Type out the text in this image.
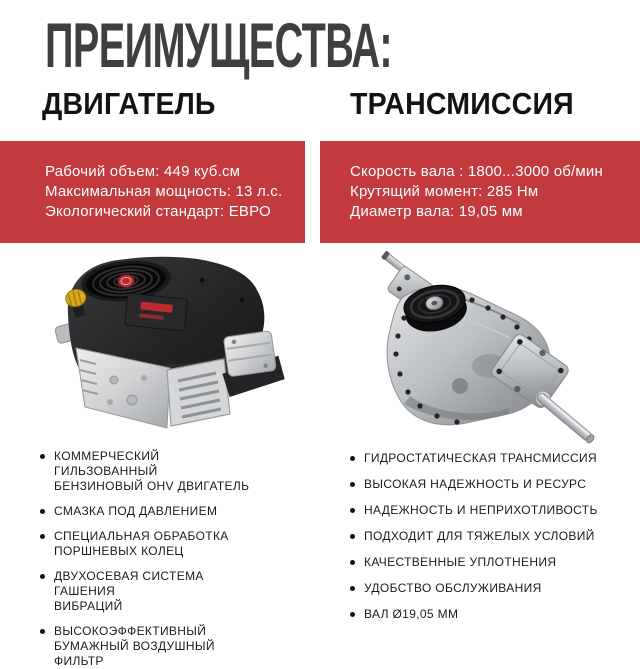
ПРЕИМУЩЕСТВА:
ДВИГАТЕЛЬ	ТРАНСМИССИЯ
Рабочий объем: 449 куб.см
Максимальная мощность: 13 л.с.
Экологический стандарт: ЕВРО
Скорость вала : 1800...3000 об/мин
Крутящий момент: 285 Нм
Диаметр вала: 19,05 мм
КОММЕРЧЕСКИЙ ГИЛЬЗОВАННЫЙ
БЕНЗИНОВЫЙ OHV ДВИГАТЕЛЬ
СМАЗКА ПОД ДАВЛЕНИЕМ
СПЕЦИАЛЬНАЯ ОБРАБОТКА
ПОРШНЕВЫХ КОЛЕЦ
ДВУХОСЕВАЯ СИСТЕМА ГАШЕНИЯ
ВИБРАЦИЙ
ВЫСОКОЭФФЕКТИВНЫЙ
БУМАЖНЫЙ ВОЗДУШНЫЙ ФИЛЬТР
ГИДРОСТАТИЧЕСКАЯ ТРАНСМИССИЯ
ВЫСОКАЯ НАДЕЖНОСТЬ И РЕСУРС
НАДЕЖНОСТЬ И НЕПРИХОТЛИВОСТЬ
ПОДХОДИТ ДЛЯ ТЯЖЕЛЫХ УСЛОВИЙ
КАЧЕСТВЕННЫЕ УПЛОТНЕНИЯ
УДОБСТВО ОБСЛУЖИВАНИЯ
ВАЛ Ø19,05 ММ
